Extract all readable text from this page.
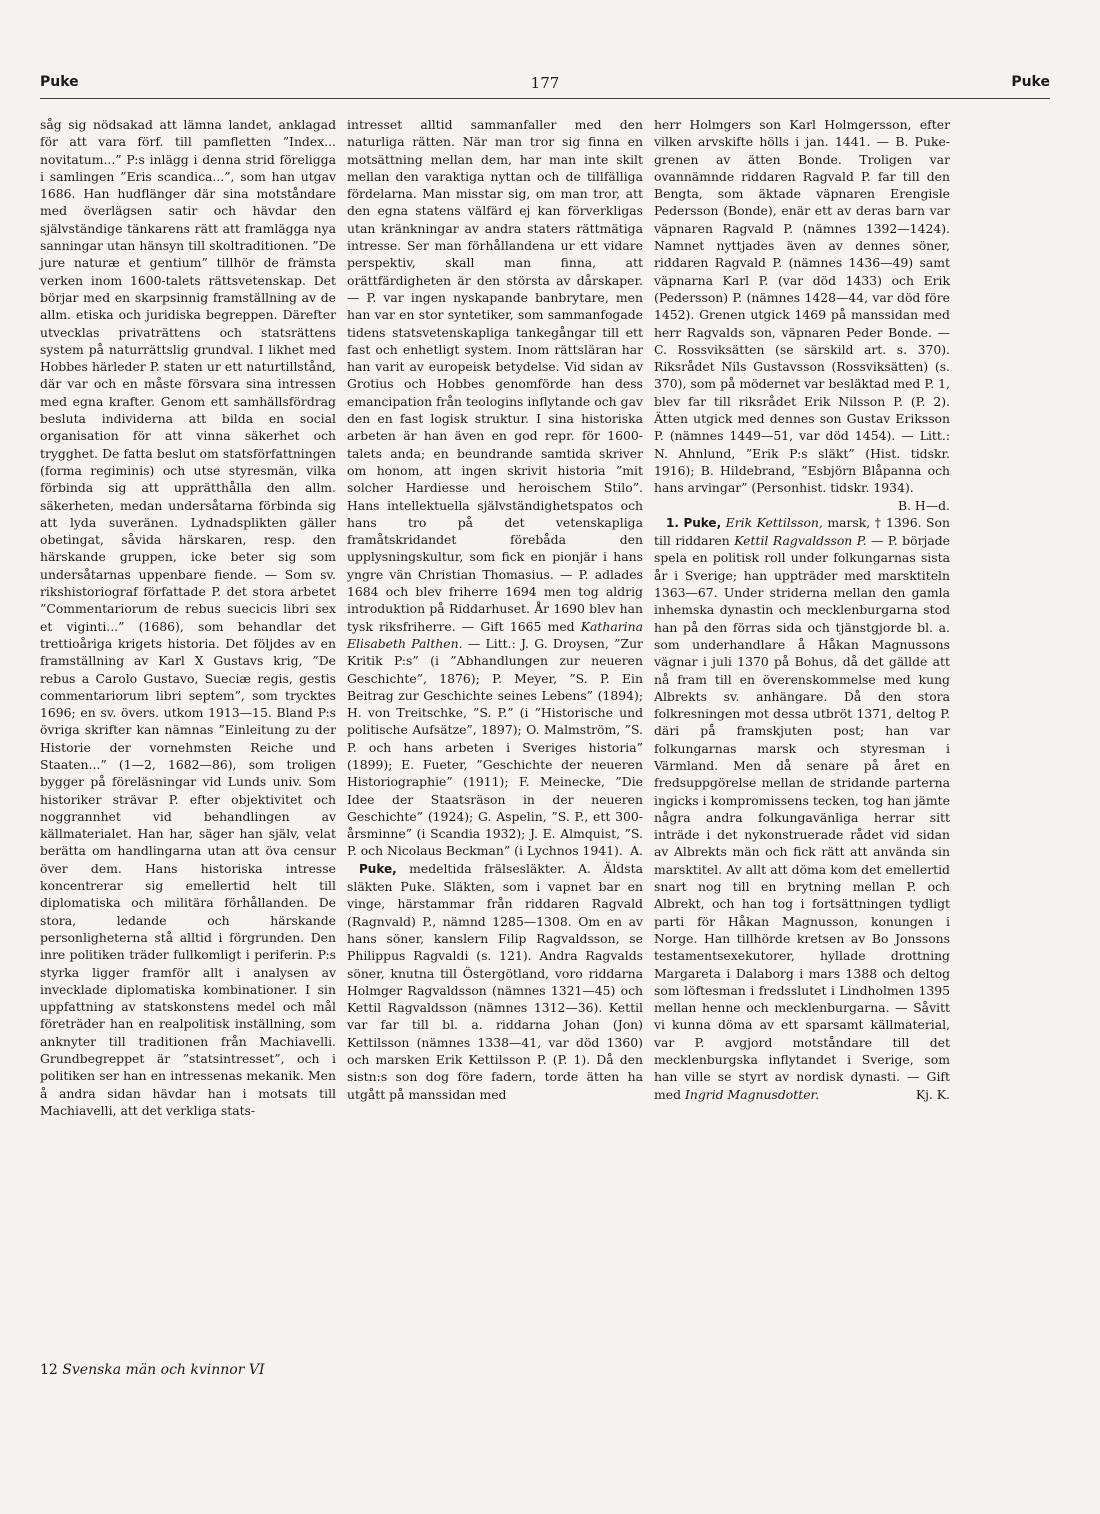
Puke	177	Puke

såg sig nödsakad att lämna landet, anklagad för att vara förf. till pamfletten ”Index... novitatum...” P:s inlägg i denna strid föreligga i samlingen ”Eris scandica...”, som han utgav 1686. Han hudflänger där sina motståndare med överlägsen satir och hävdar den självständige tänkarens rätt att framlägga nya sanningar utan hänsyn till skoltraditionen. ”De jure naturæ et gentium” tillhör de främsta verken inom 1600-talets rättsvetenskap. Det börjar med en skarpsinnig framställning av de allm. etiska och juridiska begreppen. Därefter utvecklas privaträttens och statsrättens system på naturrättslig grundval. I likhet med Hobbes härleder P. staten ur ett naturtillstånd, där var och en måste försvara sina intressen med egna krafter. Genom ett samhällsfördrag besluta individerna att bilda en social organisation för att vinna säkerhet och trygghet. De fatta beslut om statsförfattningen (forma regiminis) och utse styresmän, vilka förbinda sig att upprätthålla den allm. säkerheten, medan undersåtarna förbinda sig att lyda suveränen. Lydnadsplikten gäller obetingat, såvida härskaren, resp. den härskande gruppen, icke beter sig som undersåtarnas uppenbare fiende. — Som sv. rikshistoriograf författade P. det stora arbetet ”Commentariorum de rebus suecicis libri sex et viginti...” (1686), som behandlar det trettioåriga krigets historia. Det följdes av en framställning av Karl X Gustavs krig, ”De rebus a Carolo Gustavo, Sueciæ regis, gestis commentariorum libri septem”, som trycktes 1696; en sv. övers. utkom 1913—15. Bland P:s övriga skrifter kan nämnas ”Einleitung zu der Historie der vornehmsten Reiche und Staaten...” (1—2, 1682—86), som troligen bygger på föreläsningar vid Lunds univ. Som historiker strävar P. efter objektivitet och noggrannhet vid behandlingen av källmaterialet. Han har, säger han själv, velat berätta om handlingarna utan att öva censur över dem. Hans historiska intresse koncentrerar sig emellertid helt till diplomatiska och militära förhållanden. De stora, ledande och härskande personligheterna stå alltid i förgrunden. Den inre politiken träder fullkomligt i periferin. P:s styrka ligger framför allt i analysen av invecklade diplomatiska kombinationer. I sin uppfattning av statskonstens medel och mål företräder han en realpolitisk inställning, som anknyter till traditionen från Machiavelli. Grundbegreppet är ”statsintresset”, och i politiken ser han en intressenas mekanik. Men å andra sidan hävdar han i motsats till Machiavelli, att det verkliga stats-

intresset alltid sammanfaller med den naturliga rätten. När man tror sig finna en motsättning mellan dem, har man inte skilt mellan den varaktiga nyttan och de tillfälliga fördelarna. Man misstar sig, om man tror, att den egna statens välfärd ej kan förverkligas utan kränkningar av andra staters rättmätiga intresse. Ser man förhållandena ur ett vidare perspektiv, skall man finna, att orättfärdigheten är den största av dårskaper. — P. var ingen nyskapande banbrytare, men han var en stor syntetiker, som sammanfogade tidens statsvetenskapliga tankegångar till ett fast och enhetligt system. Inom rättsläran har han varit av europeisk betydelse. Vid sidan av Grotius och Hobbes genomförde han dess emancipation från teologins inflytande och gav den en fast logisk struktur. I sina historiska arbeten är han även en god repr. för 1600-talets anda; en beundrande samtida skriver om honom, att ingen skrivit historia ”mit solcher Hardiesse und heroischem Stilo”. Hans intellektuella självständighetspatos och hans tro på det vetenskapliga framåtskridandet förebåda den upplysningskultur, som fick en pionjär i hans yngre vän Christian Thomasius. — P. adlades 1684 och blev friherre 1694 men tog aldrig introduktion på Riddarhuset. År 1690 blev han tysk riksfriherre. — Gift 1665 med Katharina Elisabeth Palthen. — Litt.: J. G. Droysen, ”Zur Kritik P:s” (i ”Abhandlungen zur neueren Geschichte”, 1876); P. Meyer, ”S. P. Ein Beitrag zur Geschichte seines Lebens” (1894); H. von Treitschke, ”S. P.” (i ”Historische und politische Aufsätze”, 1897); O. Malmström, ”S. P. och hans arbeten i Sveriges historia” (1899); E. Fueter, ”Geschichte der neueren Historiographie” (1911); F. Meinecke, ”Die Idee der Staatsräson in der neueren Geschichte” (1924); G. Aspelin, ”S. P., ett 300-årsminne” (i Scandia 1932); J. E. Almquist, ”S. P. och Nicolaus Beckman” (i Lychnos 1941). A.

Puke, medeltida frälsesläkter. A. Äldsta släkten Puke. Släkten, som i vapnet bar en vinge, härstammar från riddaren Ragvald (Ragnvald) P., nämnd 1285—1308. Om en av hans söner, kanslern Filip Ragvaldsson, se Philippus Ragvaldi (s. 121). Andra Ragvalds söner, knutna till Östergötland, voro riddarna Holmger Ragvaldsson (nämnes 1321—45) och Kettil Ragvaldsson (nämnes 1312—36). Kettil var far till bl. a. riddarna Johan (Jon) Kettilsson (nämnes 1338—41, var död 1360) och marsken Erik Kettilsson P. (P. 1). Då den sistn:s son dog före fadern, torde ätten ha utgått på manssidan med

herr Holmgers son Karl Holmgersson, efter vilken arvskifte hölls i jan. 1441. — B. Puke-grenen av ätten Bonde. Troligen var ovannämnde riddaren Ragvald P. far till den Bengta, som äktade väpnaren Erengisle Pedersson (Bonde), enär ett av deras barn var väpnaren Ragvald P. (nämnes 1392—1424). Namnet nyttjades även av dennes söner, riddaren Ragvald P. (nämnes 1436—49) samt väpnarna Karl P. (var död 1433) och Erik (Pedersson) P. (nämnes 1428—44, var död före 1452). Grenen utgick 1469 på manssidan med herr Ragvalds son, väpnaren Peder Bonde. — C. Rossviksätten (se särskild art. s. 370). Riksrådet Nils Gustavsson (Rossviksätten) (s. 370), som på mödernet var besläktad med P. 1, blev far till riksrådet Erik Nilsson P. (P. 2). Ätten utgick med dennes son Gustav Eriksson P. (nämnes 1449—51, var död 1454). — Litt.: N. Ahnlund, ”Erik P:s släkt” (Hist. tidskr. 1916); B. Hildebrand, ”Esbjörn Blåpanna och hans arvingar” (Personhist. tidskr. 1934).
B. H—d.

1. Puke, Erik Kettilsson, marsk, † 1396. Son till riddaren Kettil Ragvaldsson P. — P. började spela en politisk roll under folkungarnas sista år i Sverige; han uppträder med marsktiteln 1363—67. Under striderna mellan den gamla inhemska dynastin och mecklenburgarna stod han på den förras sida och tjänstgjorde bl. a. som underhandlare å Håkan Magnussons vägnar i juli 1370 på Bohus, då det gällde att nå fram till en överenskommelse med kung Albrekts sv. anhängare. Då den stora folkresningen mot dessa utbröt 1371, deltog P. däri på framskjuten post; han var folkungarnas marsk och styresman i Värmland. Men då senare på året en fredsuppgörelse mellan de stridande parterna ingicks i kompromissens tecken, tog han jämte några andra folkungavänliga herrar sitt inträde i det nykonstruerade rådet vid sidan av Albrekts män och fick rätt att använda sin marsktitel. Av allt att döma kom det emellertid snart nog till en brytning mellan P. och Albrekt, och han tog i fortsättningen tydligt parti för Håkan Magnusson, konungen i Norge. Han tillhörde kretsen av Bo Jonssons testamentsexekutorer, hyllade drottning Margareta i Dalaborg i mars 1388 och deltog som löftesman i fredsslutet i Lindholmen 1395 mellan henne och mecklenburgarna. — Såvitt vi kunna döma av ett sparsamt källmaterial, var P. avgjord motståndare till det mecklenburgska inflytandet i Sverige, som han ville se styrt av nordisk dynasti. — Gift med Ingrid Magnusdotter.	Kj. K.

12 Svenska män och kvinnor VI
